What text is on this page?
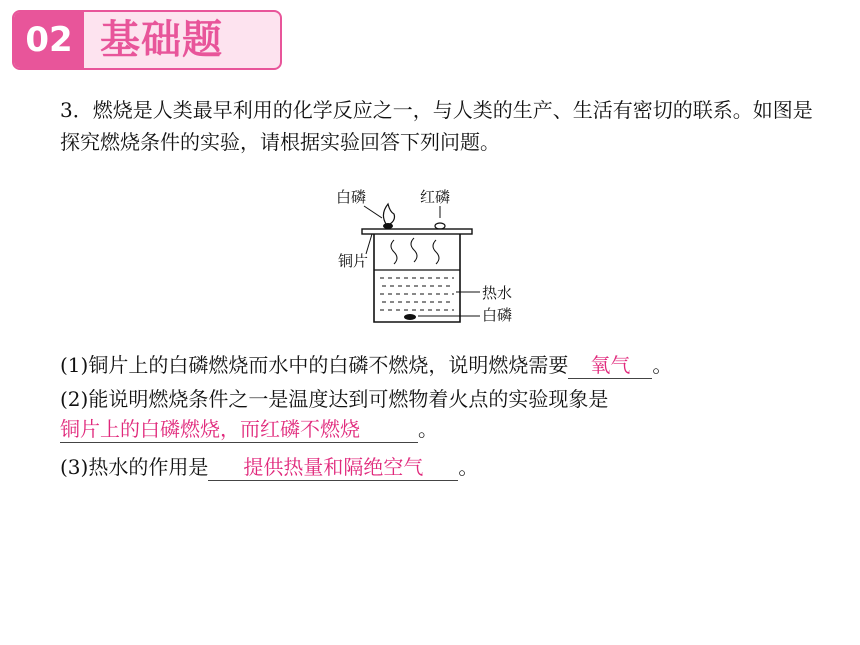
02 基础题

3．燃烧是人类最早利用的化学反应之一，与人类的生产、生活有密切的联系。如图是探究燃烧条件的实验，请根据实验回答下列问题。

白磷	红磷
铜片
热水
白磷
(1)铜片上的白磷燃烧而水中的白磷不燃烧，说明燃烧需要 氧气 。
(2)能说明燃烧条件之一是温度达到可燃物着火点的实验现象是
铜片上的白磷燃烧，而红磷不燃烧	。
(3)热水的作用是 提供热量和隔绝空气 。
